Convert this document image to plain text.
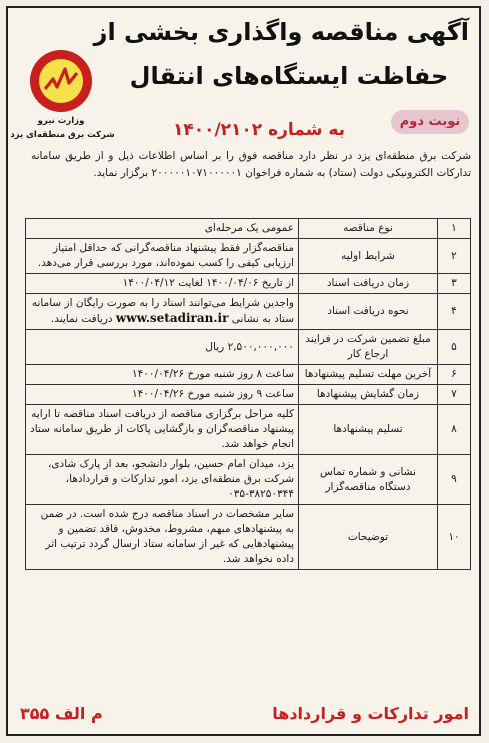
آگهی مناقصه واگذاری بخشی از
حفاظت ایستگاه‌های انتقال
وزارت نیرو
شرکت برق منطقه‌ای یزد
نوبت دوم
به شماره ۱۴۰۰/۲۱۰۲
شرکت برق منطقه‌ای یزد در نظر دارد مناقصه فوق را بر اساس اطلاعات ذیل و از طریق سامانه تدارکات الکترونیکی دولت (ستاد) به شماره فراخوان ۲۰۰۰۰۰۱۰۷۱۰۰۰۰۰۱ برگزار نماید.
۱	نوع مناقصه	عمومی یک مرحله‌ای
۲	شرایط اولیه	مناقصه‌گزار فقط پیشنهاد مناقصه‌گرانی که حداقل امتیاز ارزیابی کیفی را کسب نموده‌اند، مورد بررسی قرار می‌دهد.
۳	زمان دریافت اسناد	از تاریخ ۱۴۰۰/۰۴/۰۶ لغایت ۱۴۰۰/۰۴/۱۲
۴	نحوه دریافت اسناد	واجدین شرایط می‌توانند اسناد را به صورت رایگان از سامانه ستاد به نشانی www.setadiran.ir دریافت نمایند.
۵	مبلغ تضمین شرکت در فرایند ارجاع کار	۲,۵۰۰,۰۰۰,۰۰۰ ریال
۶	آخرین مهلت تسلیم پیشنهادها	ساعت ۸ روز شنبه مورخ ۱۴۰۰/۰۴/۲۶
۷	زمان گشایش پیشنهادها	ساعت ۹ روز شنبه مورخ ۱۴۰۰/۰۴/۲۶
۸	تسلیم پیشنهادها	کلیه مراحل برگزاری مناقصه از دریافت اسناد مناقصه تا ارایه پیشنهاد مناقصه‌گران و بازگشایی پاکات از طریق سامانه ستاد انجام خواهد شد.
۹	نشانی و شماره تماس دستگاه مناقصه‌گزار	یزد، میدان امام حسین، بلوار دانشجو، بعد از پارک شادی، شرکت برق منطقه‌ای یزد، امور تدارکات و قراردادها، ۳۸۲۵۰۳۴۴-۰۳۵
۱۰	توضیحات	سایر مشخصات در اسناد مناقصه درج شده است. در ضمن به پیشنهادهای مبهم، مشروط، مخدوش، فاقد تضمین و پیشنهادهایی که غیر از سامانه ستاد ارسال گردد ترتیب اثر داده نخواهد شد.
امور تدارکات و قراردادها
م الف ۳۵۵
